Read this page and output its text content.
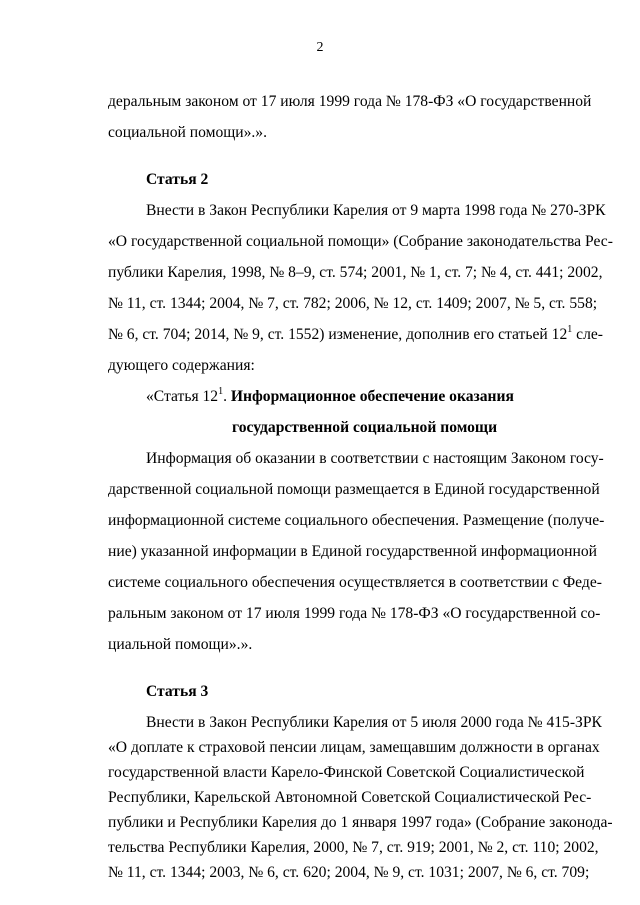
2
деральным законом от 17 июля 1999 года № 178-ФЗ «О государственной
социальной помощи».».
Статья 2
Внести в Закон Республики Карелия от 9 марта 1998 года № 270-ЗРК
«О государственной социальной помощи» (Собрание законодательства Рес-
публики Карелия, 1998, № 8–9, ст. 574; 2001, № 1, ст. 7; № 4, ст. 441; 2002,
№ 11, ст. 1344; 2004, № 7, ст. 782; 2006, № 12, ст. 1409; 2007, № 5, ст. 558;
№ 6, ст. 704; 2014, № 9, ст. 1552) изменение, дополнив его статьей $12^1$ сле-
дующего содержания:
«Статья $12^1$. Информационное обеспечение оказания
государственной социальной помощи
Информация об оказании в соответствии с настоящим Законом госу-
дарственной социальной помощи размещается в Единой государственной
информационной системе социального обеспечения. Размещение (получе-
ние) указанной информации в Единой государственной информационной
системе социального обеспечения осуществляется в соответствии с Феде-
ральным законом от 17 июля 1999 года № 178-ФЗ «О государственной со-
циальной помощи».».
Статья 3
Внести в Закон Республики Карелия от 5 июля 2000 года № 415-ЗРК
«О доплате к страховой пенсии лицам, замещавшим должности в органах
государственной власти Карело-Финской Советской Социалистической
Республики, Карельской Автономной Советской Социалистической Рес-
публики и Республики Карелия до 1 января 1997 года» (Собрание законода-
тельства Республики Карелия, 2000, № 7, ст. 919; 2001, № 2, ст. 110; 2002,
№ 11, ст. 1344; 2003, № 6, ст. 620; 2004, № 9, ст. 1031; 2007, № 6, ст. 709;
